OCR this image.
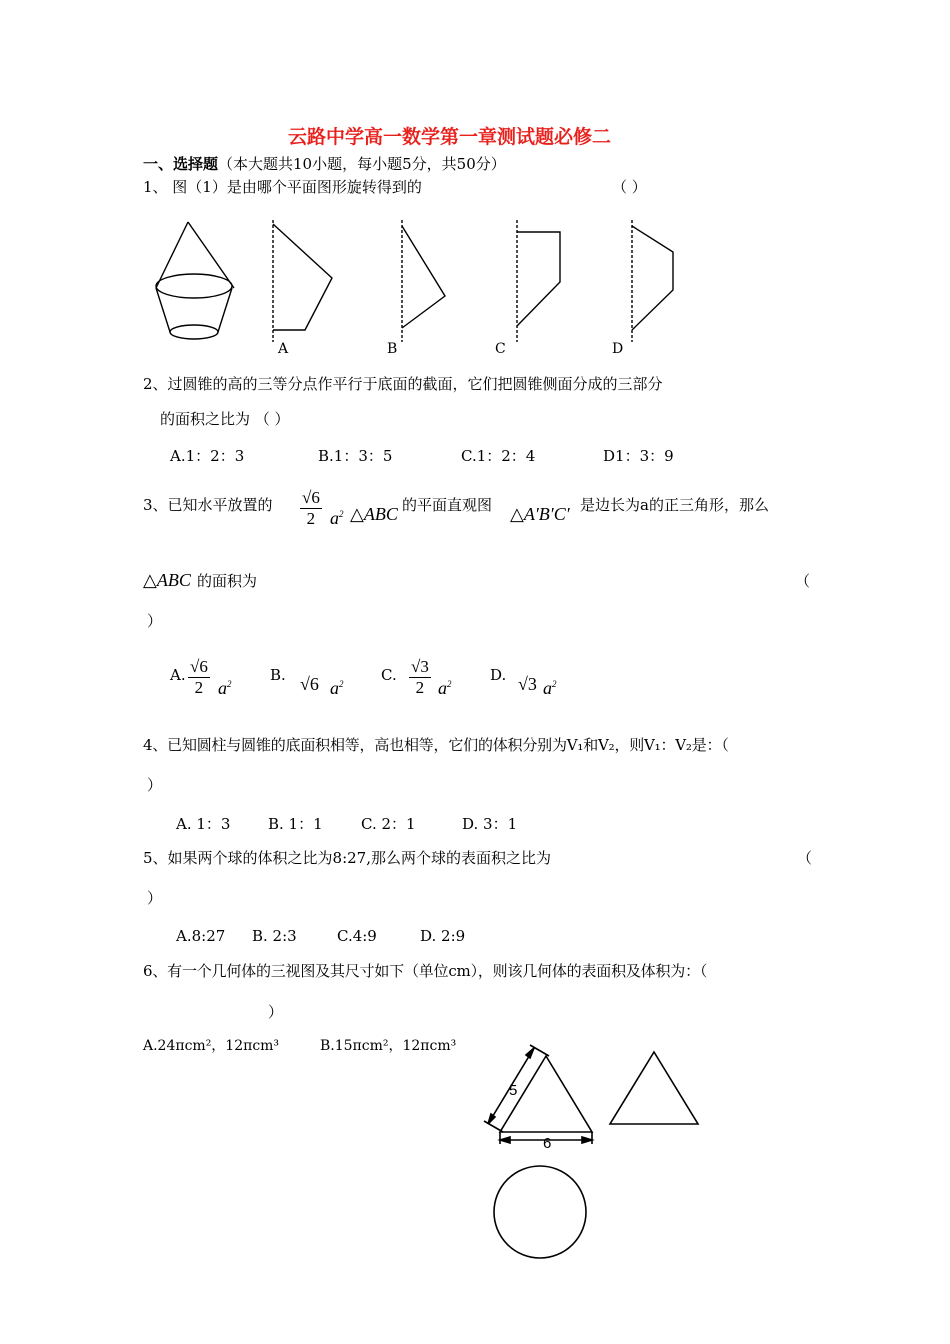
云路中学高一数学第一章测试题必修二
一、选择题（本大题共10小题，每小题5分，共50分）
1、 图（1）是由哪个平面图形旋转得到的	（ ）
A	B	C	D
2、过圆锥的高的三等分点作平行于底面的截面，它们把圆锥侧面分成的三部分
的面积之比为 （ ）
A.1：2：3	B.1：3：5	C.1：2：4	D1：3：9
3、已知水平放置的 $\frac{√6}{2} a^2$ △ABC 的平面直观图 △A′B′C′ 是边长为a的正三角形，那么
△ABC 的面积为	（
）
A. $\frac{√6}{2} a^2$	B. √6 $a^2$	C. $\frac{√3}{2} a^2$	D. √3 $a^2$
4、已知圆柱与圆锥的底面积相等，高也相等，它们的体积分别为V₁和V₂，则V₁：V₂是：（
）
A. 1：3	B. 1：1	C. 2：1	D. 3：1
5、如果两个球的体积之比为8:27,那么两个球的表面积之比为	（
）
A.8:27 B. 2:3	C.4:9	D. 2:9
6、有一个几何体的三视图及其尺寸如下（单位cm），则该几何体的表面积及体积为：（
）
A.24πcm²，12πcm³	B.15πcm²，12πcm³
5
6
